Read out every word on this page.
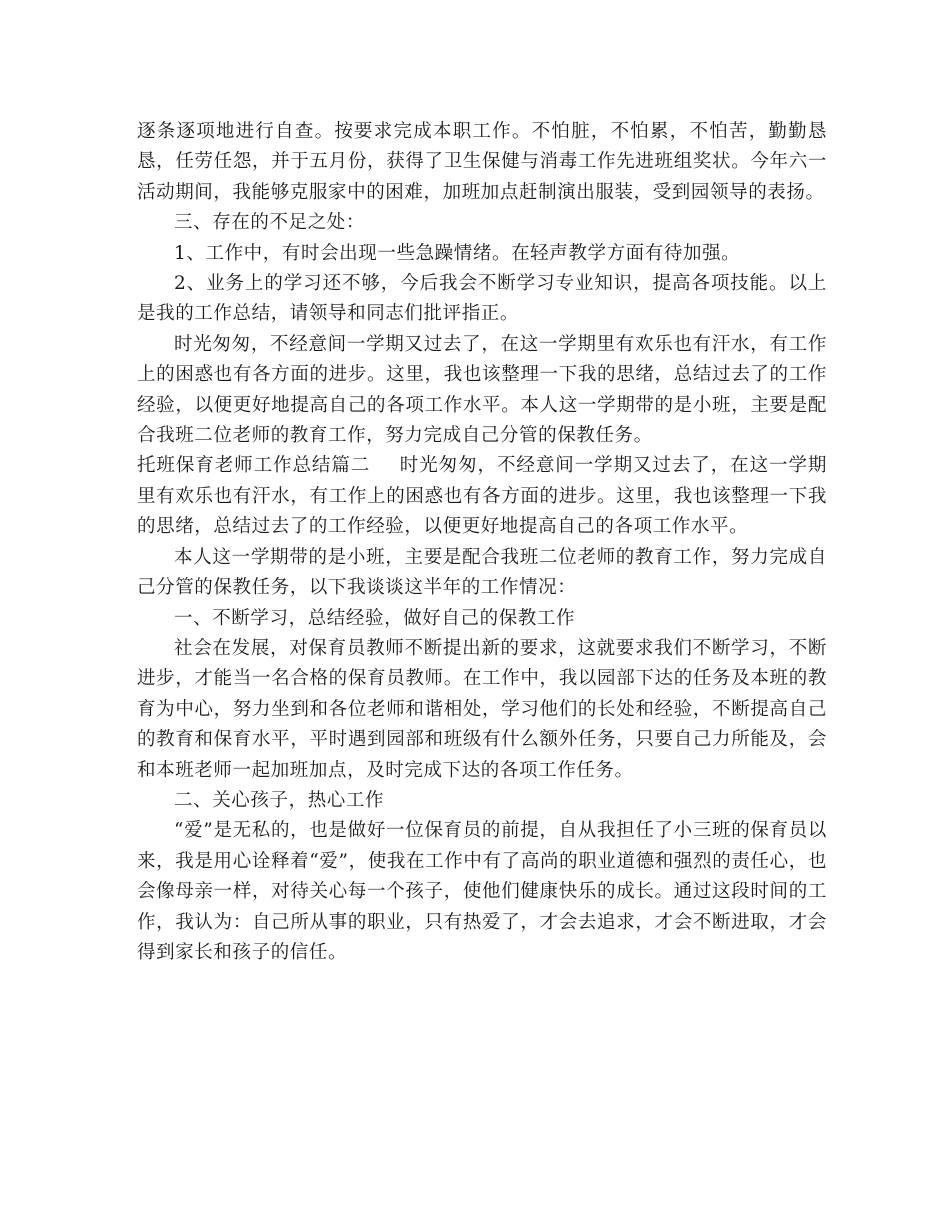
逐条逐项地进行自查。按要求完成本职工作。不怕脏，不怕累，不怕苦，勤勤恳恳，任劳任怨，并于五月份，获得了卫生保健与消毒工作先进班组奖状。今年六一活动期间，我能够克服家中的困难，加班加点赶制演出服装，受到园领导的表扬。

三、存在的不足之处：

1、工作中，有时会出现一些急躁情绪。在轻声教学方面有待加强。

2、业务上的学习还不够，今后我会不断学习专业知识，提高各项技能。以上是我的工作总结，请领导和同志们批评指正。

时光匆匆，不经意间一学期又过去了，在这一学期里有欢乐也有汗水，有工作上的困惑也有各方面的进步。这里，我也该整理一下我的思绪，总结过去了的工作经验，以便更好地提高自己的各项工作水平。本人这一学期带的是小班，主要是配合我班二位老师的教育工作，努力完成自己分管的保教任务。

托班保育老师工作总结篇二 时光匆匆，不经意间一学期又过去了，在这一学期里有欢乐也有汗水，有工作上的困惑也有各方面的进步。这里，我也该整理一下我的思绪，总结过去了的工作经验，以便更好地提高自己的各项工作水平。

本人这一学期带的是小班，主要是配合我班二位老师的教育工作，努力完成自己分管的保教任务，以下我谈谈这半年的工作情况：

一、不断学习，总结经验，做好自己的保教工作

社会在发展，对保育员教师不断提出新的要求，这就要求我们不断学习，不断进步，才能当一名合格的保育员教师。在工作中，我以园部下达的任务及本班的教育为中心，努力坐到和各位老师和谐相处，学习他们的长处和经验，不断提高自己的教育和保育水平，平时遇到园部和班级有什么额外任务，只要自己力所能及，会和本班老师一起加班加点，及时完成下达的各项工作任务。

二、关心孩子，热心工作

“爱”是无私的，也是做好一位保育员的前提，自从我担任了小三班的保育员以来，我是用心诠释着“爱”，使我在工作中有了高尚的职业道德和强烈的责任心，也会像母亲一样，对待关心每一个孩子，使他们健康快乐的成长。通过这段时间的工作，我认为：自己所从事的职业，只有热爱了，才会去追求，才会不断进取，才会得到家长和孩子的信任。
